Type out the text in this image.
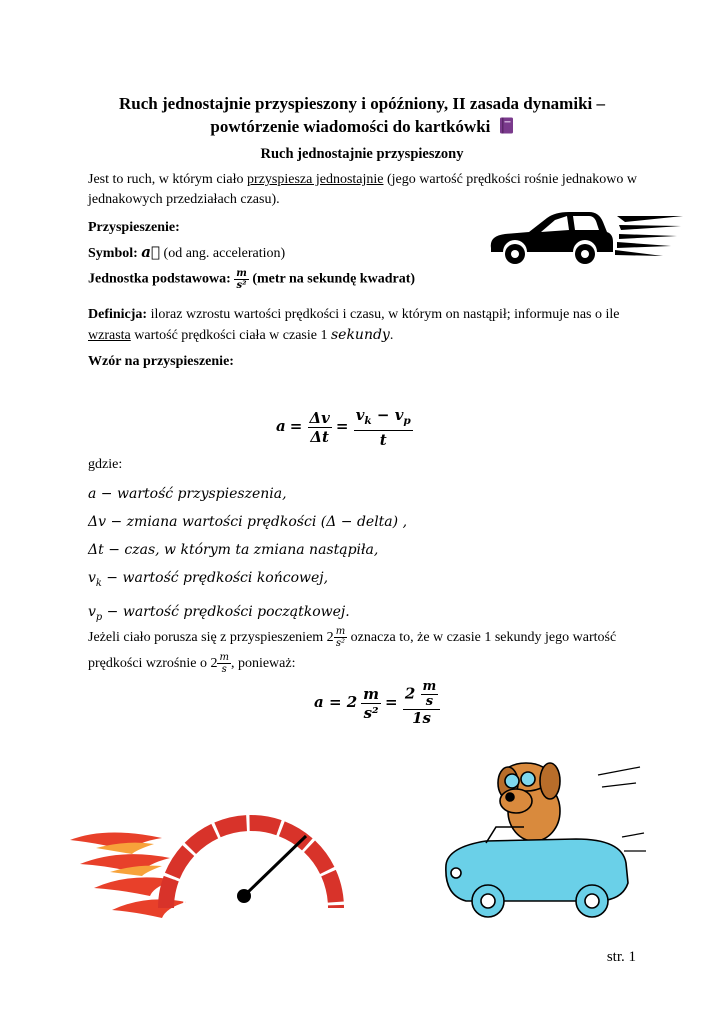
Ruch jednostajnie przyspieszony i opóźniony, II zasada dynamiki –
powtórzenie wiadomości do kartkówki
Ruch jednostajnie przyspieszony
Jest to ruch, w którym ciało przyspiesza jednostajnie (jego wartość prędkości rośnie jednakowo w jednakowych przedziałach czasu).
Przyspieszenie:
Symbol: a⃗ (od ang. acceleration)
Jednostka podstawowa: $\frac{m}{\text{s²}}$ (metr na sekundę kwadrat)
Definicja: iloraz wzrostu wartości prędkości i czasu, w którym on nastąpił; informuje nas o ile wzrasta wartość prędkości ciała w czasie 1 sekundy.
Wzór na przyspieszenie:
$a = \frac{\Delta v}{\Delta t} = \frac{v_k - v_p}{t}$
gdzie:
a − wartość przyspieszenia,
Δv − zmiana wartości prędkości (Δ − delta) ,
Δt − czas, w którym ta zmiana nastąpiła,
$v_k$ − wartość prędkości końcowej,
$v_p$ − wartość prędkości początkowej.
Jeżeli ciało porusza się z przyspieszeniem $2 \frac{m}{\text{s²}}$ oznacza to, że w czasie 1 sekundy jego wartość
prędkości wzrośnie o $2 \frac{m}{s}$ , ponieważ:
$a = 2 \frac{m}{\text{s²}} = \frac{2 \frac{m}{s}}{1s}$
str. 1
